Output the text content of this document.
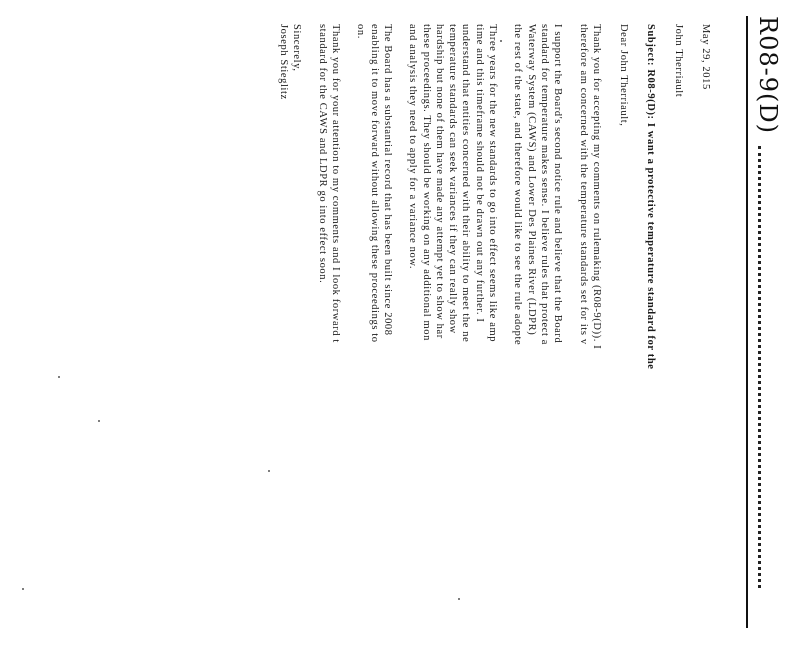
R08-9(D)
May 29, 2015
John Therriault
Subject: R08-9(D): I want a protective temperature standard for the
Dear John Therriault,
Thank you for accepting my comments on rulemaking (R08-9(D)). I
therefore am concerned with the temperature standards set for its v
I support the Board's second notice rule and believe that the Board
standard for temperature makes sense. I believe rules that protect a
Waterway System (CAWS) and Lower Des Plaines River (LDPR)
the rest of the state, and therefore would like to see the rule adopte
Three years for the new standards to go into effect seems like amp
time and this timeframe should not be drawn out any further. I
understand that entities concerned with their ability to meet the ne
temperature standards can seek variances if they can really show
hardship but none of them have made any attempt yet to show har
these proceedings. They should be working on any additional mon
and analysis they need to apply for a variance now.
The Board has a substantial record that has been built since 2008
enabling it to move forward without allowing these proceedings to
on.
Thank you for your attention to my comments and I look forward t
standard for the CAWS and LDPR go into effect soon.
Sincerely,
Joseph Stieglitz
